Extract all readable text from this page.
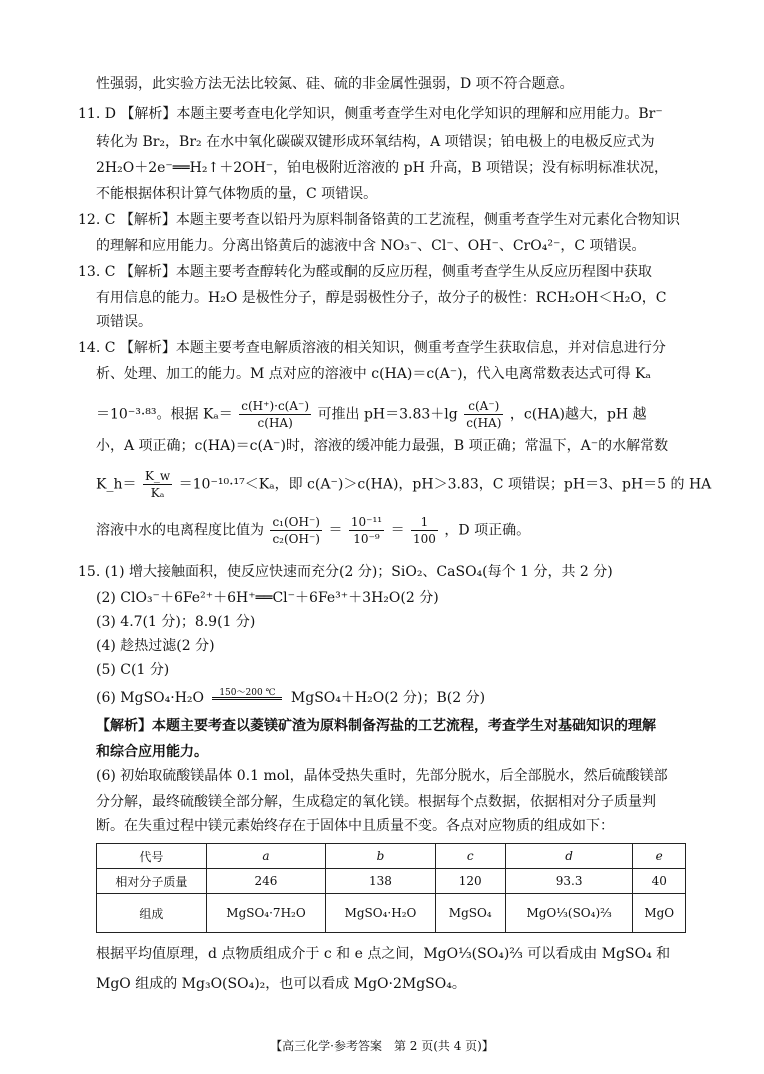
性强弱，此实验方法无法比较氮、硅、硫的非金属性强弱，D 项不符合题意。
11. D 【解析】本题主要考查电化学知识，侧重考查学生对电化学知识的理解和应用能力。Br⁻
转化为 Br₂，Br₂ 在水中氧化碳碳双键形成环氧结构，A 项错误；铂电极上的电极反应式为
2H₂O＋2e⁻══H₂↑＋2OH⁻，铂电极附近溶液的 pH 升高，B 项错误；没有标明标准状况，
不能根据体积计算气体物质的量，C 项错误。
12. C 【解析】本题主要考查以铅丹为原料制备铬黄的工艺流程，侧重考查学生对元素化合物知识
的理解和应用能力。分离出铬黄后的滤液中含 NO₃⁻、Cl⁻、OH⁻、CrO₄²⁻，C 项错误。
13. C 【解析】本题主要考查醇转化为醛或酮的反应历程，侧重考查学生从反应历程图中获取
有用信息的能力。H₂O 是极性分子，醇是弱极性分子，故分子的极性：RCH₂OH＜H₂O，C
项错误。
14. C 【解析】本题主要考查电解质溶液的相关知识，侧重考查学生获取信息，并对信息进行分
析、处理、加工的能力。M 点对应的溶液中 c(HA)＝c(A⁻)，代入电离常数表达式可得 Kₐ
＝10⁻³·⁸³。根据 $K_a= \frac{c(H^+)\cdot c(A^-)}{c(HA)}$ 可推出 $pH=3.83+\lg \frac{c(A^-)}{c(HA)}$ ，c(HA)越大，pH 越
小，A 项正确；c(HA)＝c(A⁻)时，溶液的缓冲能力最强，B 项正确；常温下，A⁻的水解常数
K_h＝ $\frac{K\_w}{\text{Kₐ}} =10^{-10}\cdot^{17}<K_a$，即 c(A⁻)＞c(HA)，pH＞3.83，C 项错误；pH＝3、pH＝5 的 HA
溶液中水的电离程度比值为 $\frac{\text{c₁(OH⁻)}}{\text{c₂(OH⁻)}} = \frac{\text{10⁻¹¹}}{\text{10⁻⁹}} = \frac{1}{100}$ ，D 项正确。
15. (1) 增大接触面积，使反应快速而充分(2 分)；SiO₂、CaSO₄(每个 1 分，共 2 分)
(2) ClO₃⁻＋6Fe²⁺＋6H⁺══Cl⁻＋6Fe³⁺＋3H₂O(2 分)
(3) 4.7(1 分)；8.9(1 分)
(4) 趁热过滤(2 分)
(5) C(1 分)
(6) MgSO₄·H₂O	150～200 ℃	MgSO₄＋H₂O(2 分)；B(2 分)
【解析】本题主要考查以菱镁矿渣为原料制备泻盐的工艺流程，考查学生对基础知识的理解
和综合应用能力。
(6) 初始取硫酸镁晶体 0.1 mol，晶体受热失重时，先部分脱水，后全部脱水，然后硫酸镁部
分分解，最终硫酸镁全部分解，生成稳定的氧化镁。根据每个点数据，依据相对分子质量判
断。在失重过程中镁元素始终存在于固体中且质量不变。各点对应物质的组成如下：
代号	a	b	c	d	e
相对分子质量	246	138	120	93.3	40
组成	MgSO₄·7H₂O	MgSO₄·H₂O	MgSO₄	MgO⅓(SO₄)⅔	MgO
根据平均值原理，d 点物质组成介于 c 和 e 点之间，MgO⅓(SO₄)⅔ 可以看成由 MgSO₄ 和
MgO 组成的 Mg₃O(SO₄)₂，也可以看成 MgO·2MgSO₄。
【高三化学·参考答案　第 2 页(共 4 页)】
